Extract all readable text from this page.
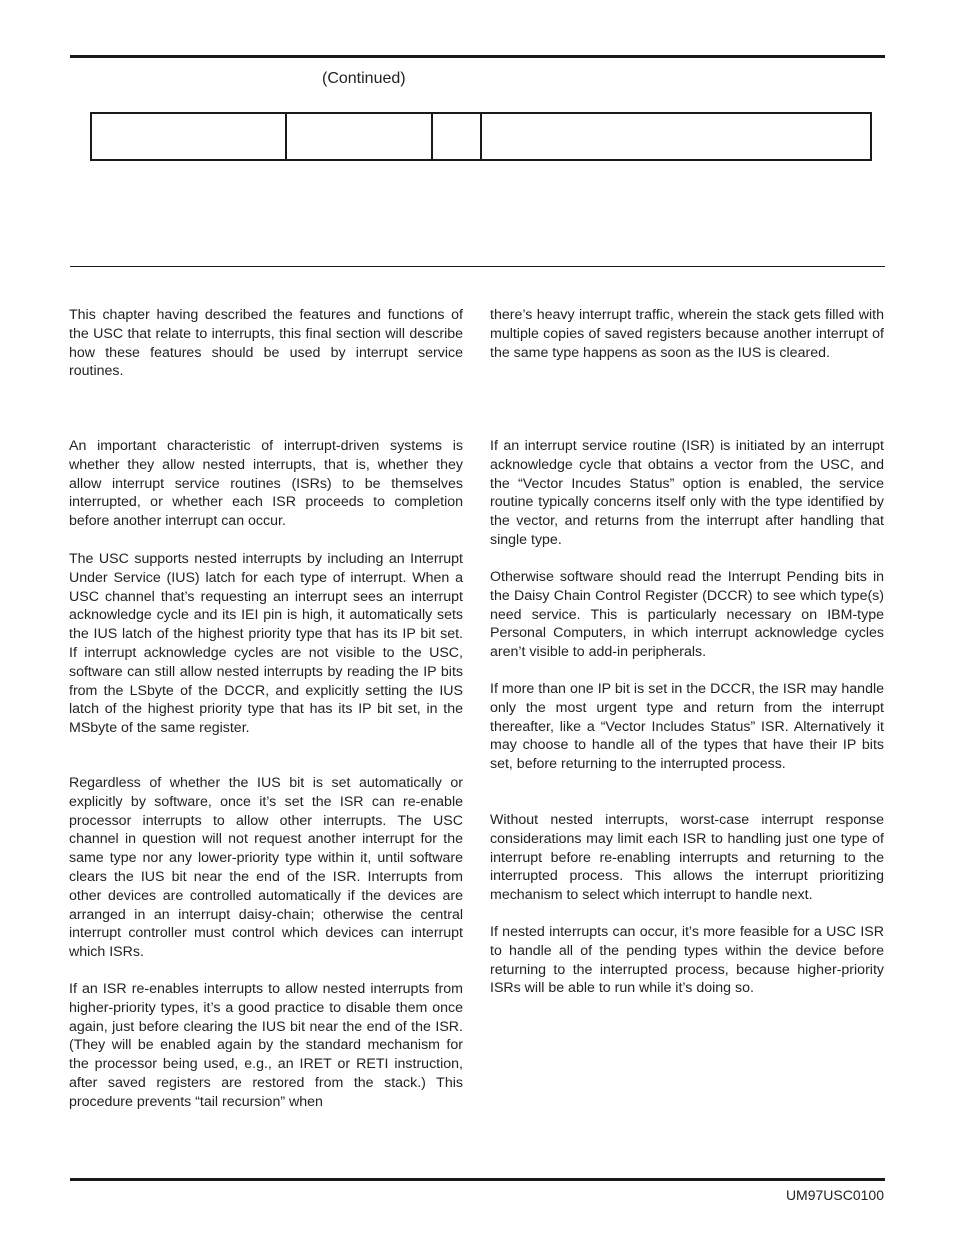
(Continued)

This chapter having described the features and functions of the USC that relate to interrupts, this final section will describe how these features should be used by interrupt service routines.

there’s heavy interrupt traffic, wherein the stack gets filled with multiple copies of saved registers because another interrupt of the same type happens as soon as the IUS is cleared.

An important characteristic of interrupt-driven systems is whether they allow nested interrupts, that is, whether they allow interrupt service routines (ISRs) to be themselves interrupted, or whether each ISR proceeds to completion before another interrupt can occur.

The USC supports nested interrupts by including an Interrupt Under Service (IUS) latch for each type of interrupt. When a USC channel that’s requesting an interrupt sees an interrupt acknowledge cycle and its IEI pin is high, it automatically sets the IUS latch of the highest priority type that has its IP bit set. If interrupt acknowledge cycles are not visible to the USC, software can still allow nested interrupts by reading the IP bits from the LSbyte of the DCCR, and explicitly setting the IUS latch of the highest priority type that has its IP bit set, in the MSbyte of the same register.

Regardless of whether the IUS bit is set automatically or explicitly by software, once it’s set the ISR can re-enable processor interrupts to allow other interrupts. The USC channel in question will not request another interrupt for the same type nor any lower-priority type within it, until software clears the IUS bit near the end of the ISR. Interrupts from other devices are controlled automatically if the devices are arranged in an interrupt daisy-chain; otherwise the central interrupt controller must control which devices can interrupt which ISRs.

If an ISR re-enables interrupts to allow nested interrupts from higher-priority types, it’s a good practice to disable them once again, just before clearing the IUS bit near the end of the ISR. (They will be enabled again by the standard mechanism for the processor being used, e.g., an IRET or RETI instruction, after saved registers are restored from the stack.) This procedure prevents “tail recursion” when

If an interrupt service routine (ISR) is initiated by an interrupt acknowledge cycle that obtains a vector from the USC, and the “Vector Incudes Status” option is enabled, the service routine typically concerns itself only with the type identified by the vector, and returns from the interrupt after handling that single type.

Otherwise software should read the Interrupt Pending bits in the Daisy Chain Control Register (DCCR) to see which type(s) need service. This is particularly necessary on IBM-type Personal Computers, in which interrupt acknowledge cycles aren’t visible to add-in peripherals.

If more than one IP bit is set in the DCCR, the ISR may handle only the most urgent type and return from the interrupt thereafter, like a “Vector Includes Status” ISR. Alternatively it may choose to handle all of the types that have their IP bits set, before returning to the interrupted process.

Without nested interrupts, worst-case interrupt response considerations may limit each ISR to handling just one type of interrupt before re-enabling interrupts and returning to the interrupted process. This allows the interrupt prioritizing mechanism to select which interrupt to handle next.

If nested interrupts can occur, it’s more feasible for a USC ISR to handle all of the pending types within the device before returning to the interrupted process, because higher-priority ISRs will be able to run while it’s doing so.

UM97USC0100
